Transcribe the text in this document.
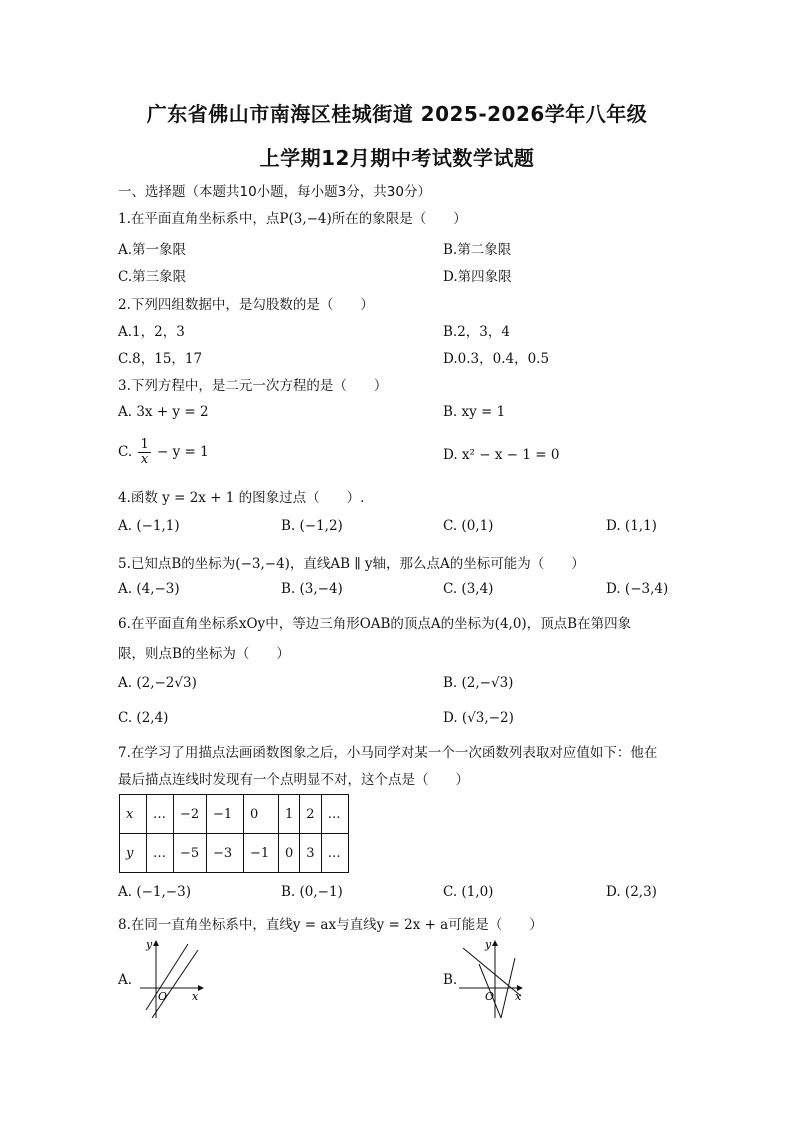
广东省佛山市南海区桂城街道 2025-2026学年八年级
上学期12月期中考试数学试题
一、选择题（本题共10小题，每小题3分，共30分）
1.在平面直角坐标系中，点P(3,−4)所在的象限是（　　）
A.第一象限	B.第二象限
C.第三象限	D.第四象限
2.下列四组数据中，是勾股数的是（　　）
A.1，2，3	B.2，3，4
C.8，15，17	D.0.3，0.4，0.5
3.下列方程中，是二元一次方程的是（　　）
A. 3x + y = 2	B. xy = 1
C. $\frac{1}{x} - y = 1$	D. x² − x − 1 = 0
4.函数 y = 2x + 1 的图象过点（　　）.
A. (−1,1)	B. (−1,2)	C. (0,1)	D. (1,1)
5.已知点B的坐标为(−3,−4)，直线AB ∥ y轴，那么点A的坐标可能为（　　）
A. (4,−3)	B. (3,−4)	C. (3,4)	D. (−3,4)
6.在平面直角坐标系xOy中，等边三角形OAB的顶点A的坐标为(4,0)，顶点B在第四象
限，则点B的坐标为（　　）
A. (2,−2√3)	B. (2,−√3)
C. (2,4)	D. (√3,−2)
7.在学习了用描点法画函数图象之后，小马同学对某一个一次函数列表取对应值如下：他在
最后描点连线时发现有一个点明显不对，这个点是（　　）
x	…	−2	−1	0	1	2	…
y	…	−5	−3	−1	0	3	…
A. (−1,−3)	B. (0,−1)	C. (1,0)	D. (2,3)
8.在同一直角坐标系中，直线y = ax与直线y = 2x + a可能是（　　）
A.
x
y
O
B.
x
y
O
